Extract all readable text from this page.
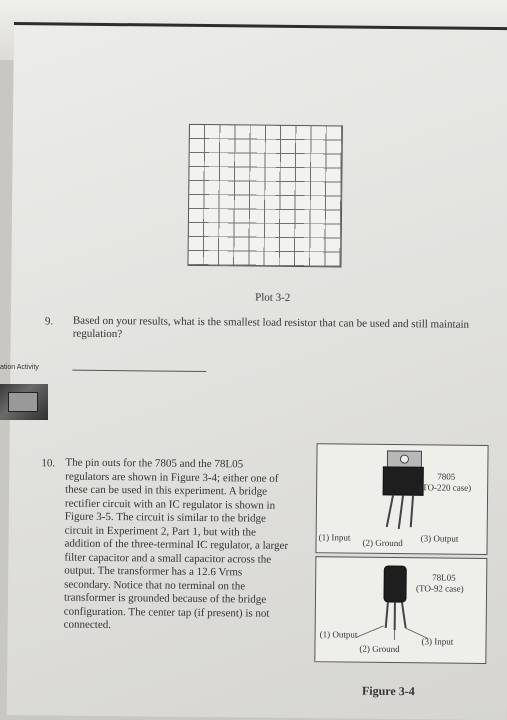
Plot 3-2
9. Based on your results, what is the smallest load resistor that can be used and still maintain regulation?
10. The pin outs for the 7805 and the 78L05 regulators are shown in Figure 3-4; either one of these can be used in this experiment. A bridge rectifier circuit with an IC regulator is shown in Figure 3-5. The circuit is similar to the bridge circuit in Experiment 2, Part 1, but with the addition of the three-terminal IC regulator, a larger filter capacitor and a small capacitor across the output. The transformer has a 12.6 Vrms secondary. Notice that no terminal on the transformer is grounded because of the bridge configuration. The center tap (if present) is not connected.
7805
(TO-220 case)
(1) Input
(2) Ground (3) Output
78L05
(TO-92 case)
(1) Output
(2) Ground
(3) Input
Figure 3-4
ation Activity
